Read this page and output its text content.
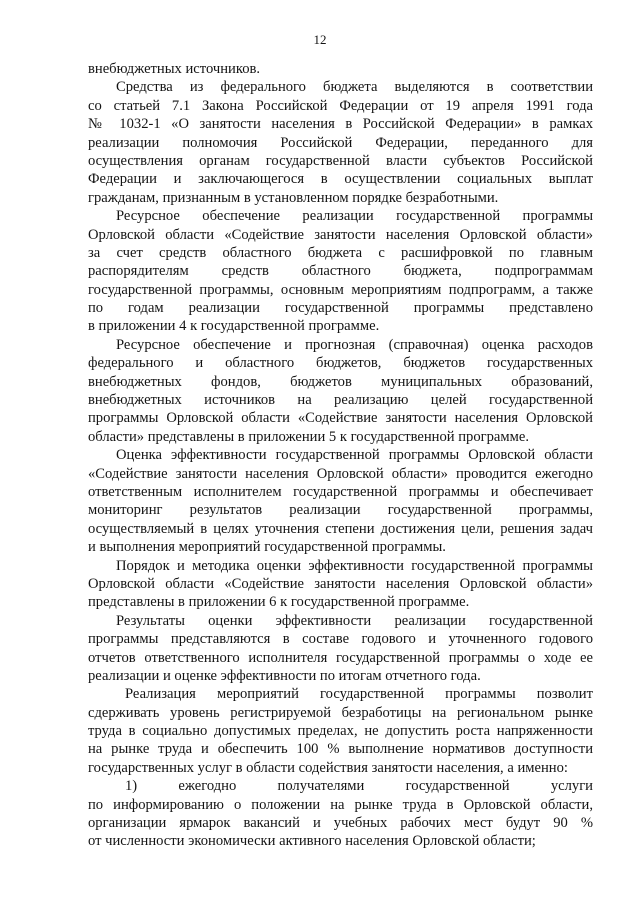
12
внебюджетных источников.
Средства из федерального бюджета выделяются в соответствии
со статьей 7.1 Закона Российской Федерации от 19 апреля 1991 года
№ 1032-1 «О занятости населения в Российской Федерации» в рамках
реализации полномочия Российской Федерации, переданного для
осуществления органам государственной власти субъектов Российской
Федерации и заключающегося в осуществлении социальных выплат
гражданам, признанным в установленном порядке безработными.
Ресурсное обеспечение реализации государственной программы
Орловской области «Содействие занятости населения Орловской области»
за счет средств областного бюджета с расшифровкой по главным
распорядителям средств областного бюджета, подпрограммам
государственной программы, основным мероприятиям подпрограмм, а также
по годам реализации государственной программы представлено
в приложении 4 к государственной программе.
Ресурсное обеспечение и прогнозная (справочная) оценка расходов
федерального и областного бюджетов, бюджетов государственных
внебюджетных фондов, бюджетов муниципальных образований,
внебюджетных источников на реализацию целей государственной
программы Орловской области «Содействие занятости населения Орловской
области» представлены в приложении 5 к государственной программе.
Оценка эффективности государственной программы Орловской области
«Содействие занятости населения Орловской области» проводится ежегодно
ответственным исполнителем государственной программы и обеспечивает
мониторинг результатов реализации государственной программы,
осуществляемый в целях уточнения степени достижения цели, решения задач
и выполнения мероприятий государственной программы.
Порядок и методика оценки эффективности государственной программы
Орловской области «Содействие занятости населения Орловской области»
представлены в приложении 6 к государственной программе.
Результаты оценки эффективности реализации государственной
программы представляются в составе годового и уточненного годового
отчетов ответственного исполнителя государственной программы о ходе ее
реализации и оценке эффективности по итогам отчетного года.
Реализация мероприятий государственной программы позволит
сдерживать уровень регистрируемой безработицы на региональном рынке
труда в социально допустимых пределах, не допустить роста напряженности
на рынке труда и обеспечить 100 % выполнение нормативов доступности
государственных услуг в области содействия занятости населения, а именно:
1) ежегодно получателями государственной услуги
по информированию о положении на рынке труда в Орловской области,
организации ярмарок вакансий и учебных рабочих мест будут 90 %
от численности экономически активного населения Орловской области;
